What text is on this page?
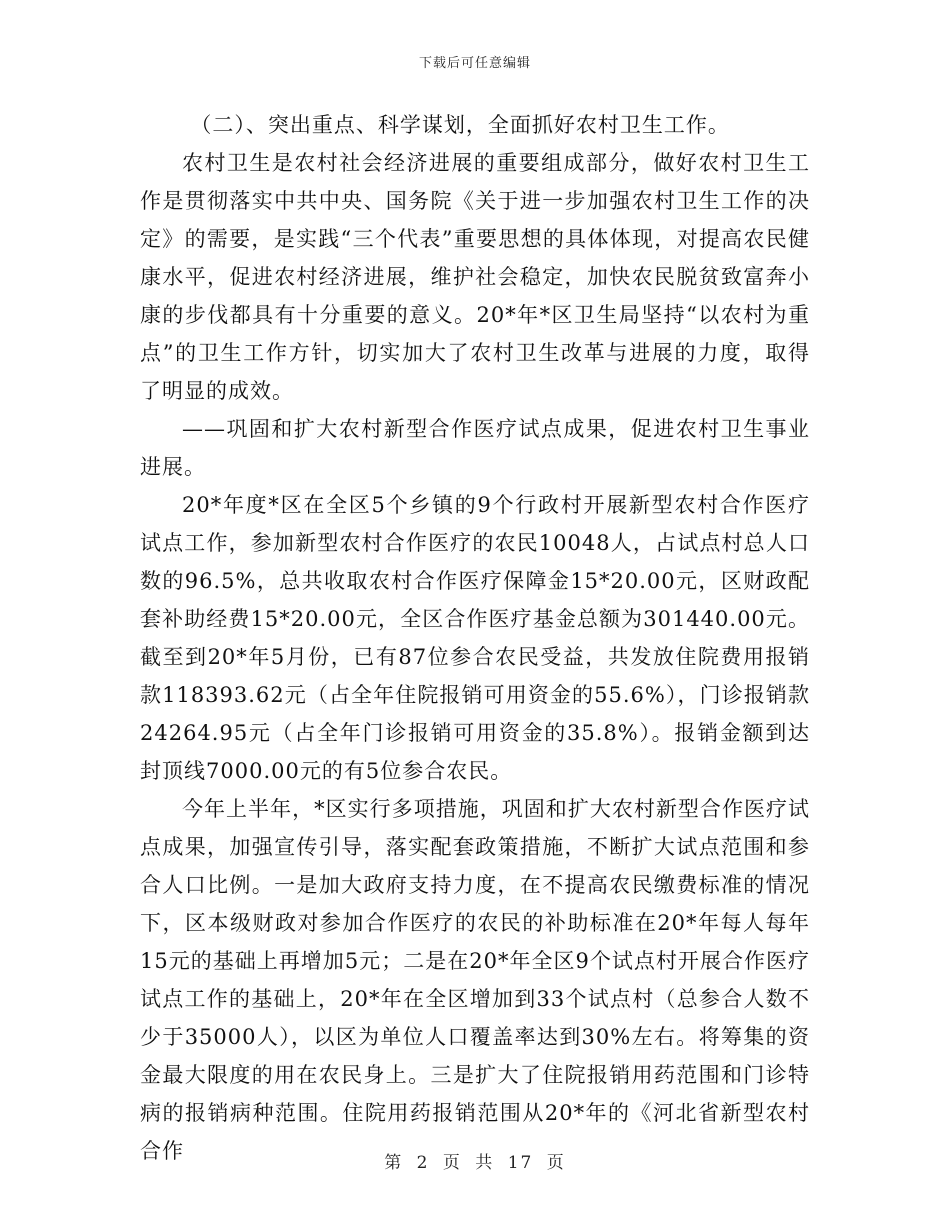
下载后可任意编辑

（二）、突出重点、科学谋划，全面抓好农村卫生工作。

农村卫生是农村社会经济进展的重要组成部分，做好农村卫生工作是贯彻落实中共中央、国务院《关于进一步加强农村卫生工作的决定》的需要，是实践“三个代表”重要思想的具体体现，对提高农民健康水平，促进农村经济进展，维护社会稳定，加快农民脱贫致富奔小康的步伐都具有十分重要的意义。20*年*区卫生局坚持“以农村为重点”的卫生工作方针，切实加大了农村卫生改革与进展的力度，取得了明显的成效。

——巩固和扩大农村新型合作医疗试点成果，促进农村卫生事业进展。

20*年度*区在全区5个乡镇的9个行政村开展新型农村合作医疗试点工作，参加新型农村合作医疗的农民10048人，占试点村总人口数的96.5%，总共收取农村合作医疗保障金15*20.00元，区财政配套补助经费15*20.00元，全区合作医疗基金总额为301440.00元。截至到20*年5月份，已有87位参合农民受益，共发放住院费用报销款118393.62元（占全年住院报销可用资金的55.6%），门诊报销款24264.95元（占全年门诊报销可用资金的35.8%）。报销金额到达封顶线7000.00元的有5位参合农民。

今年上半年，*区实行多项措施，巩固和扩大农村新型合作医疗试点成果，加强宣传引导，落实配套政策措施，不断扩大试点范围和参合人口比例。一是加大政府支持力度，在不提高农民缴费标准的情况下，区本级财政对参加合作医疗的农民的补助标准在20*年每人每年15元的基础上再增加5元；二是在20*年全区9个试点村开展合作医疗试点工作的基础上，20*年在全区增加到33个试点村（总参合人数不少于35000人），以区为单位人口覆盖率达到30%左右。将筹集的资金最大限度的用在农民身上。三是扩大了住院报销用药范围和门诊特病的报销病种范围。住院用药报销范围从20*年的《河北省新型农村合作	第 2 页 共 17 页
